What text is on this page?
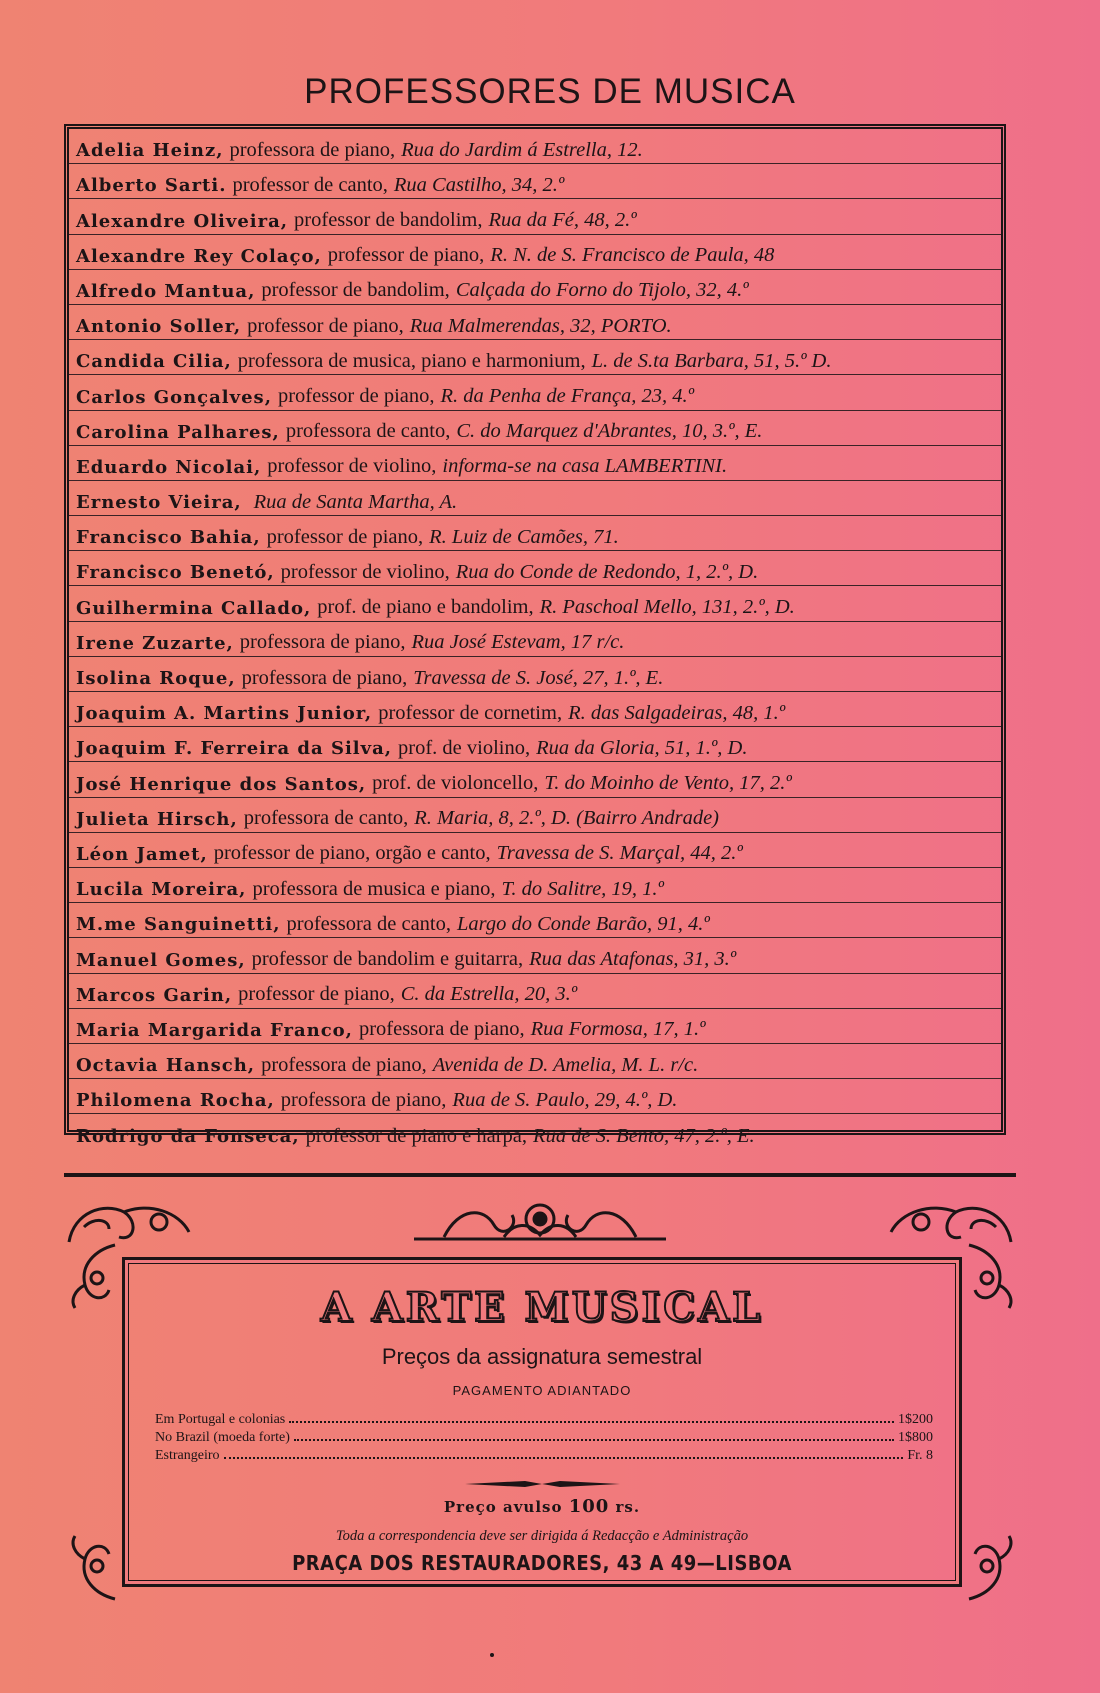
PROFESSORES DE MUSICA
Adelia Heinz, professora de piano, Rua do Jardim á Estrella, 12.
Alberto Sarti. professor de canto, Rua Castilho, 34, 2.º
Alexandre Oliveira, professor de bandolim, Rua da Fé, 48, 2.º
Alexandre Rey Colaço, professor de piano, R. N. de S. Francisco de Paula, 48
Alfredo Mantua, professor de bandolim, Calçada do Forno do Tijolo, 32, 4.º
Antonio Soller, professor de piano, Rua Malmerendas, 32, PORTO.
Candida Cilia, professora de musica, piano e harmonium, L. de S.ta Barbara, 51, 5.º D.
Carlos Gonçalves, professor de piano, R. da Penha de França, 23, 4.º
Carolina Palhares, professora de canto, C. do Marquez d'Abrantes, 10, 3.º, E.
Eduardo Nicolai, professor de violino, informa-se na casa LAMBERTINI.
Ernesto Vieira, Rua de Santa Martha, A.
Francisco Bahia, professor de piano, R. Luiz de Camões, 71.
Francisco Benetó, professor de violino, Rua do Conde de Redondo, 1, 2.º, D.
Guilhermina Callado, prof. de piano e bandolim, R. Paschoal Mello, 131, 2.º, D.
Irene Zuzarte, professora de piano, Rua José Estevam, 17 r/c.
Isolina Roque, professora de piano, Travessa de S. José, 27, 1.º, E.
Joaquim A. Martins Junior, professor de cornetim, R. das Salgadeiras, 48, 1.º
Joaquim F. Ferreira da Silva, prof. de violino, Rua da Gloria, 51, 1.º, D.
José Henrique dos Santos, prof. de violoncello, T. do Moinho de Vento, 17, 2.º
Julieta Hirsch, professora de canto, R. Maria, 8, 2.º, D. (Bairro Andrade)
Léon Jamet, professor de piano, orgão e canto, Travessa de S. Marçal, 44, 2.º
Lucila Moreira, professora de musica e piano, T. do Salitre, 19, 1.º
M.me Sanguinetti, professora de canto, Largo do Conde Barão, 91, 4.º
Manuel Gomes, professor de bandolim e guitarra, Rua das Atafonas, 31, 3.º
Marcos Garin, professor de piano, C. da Estrella, 20, 3.º
Maria Margarida Franco, professora de piano, Rua Formosa, 17, 1.º
Octavia Hansch, professora de piano, Avenida de D. Amelia, M. L. r/c.
Philomena Rocha, professora de piano, Rua de S. Paulo, 29, 4.º, D.
Rodrigo da Fonseca, professor de piano e harpa, Rua de S. Bento, 47, 2.º, E.
A ARTE MUSICAL
Preços da assignatura semestral
PAGAMENTO ADIANTADO
Em Portugal e colonias	1$200
No Brazil (moeda forte)	1$800
Estrangeiro	Fr. 8
Preço avulso 100 rs.
Toda a correspondencia deve ser dirigida á Redacção e Administração
PRAÇA DOS RESTAURADORES, 43 A 49—LISBOA
